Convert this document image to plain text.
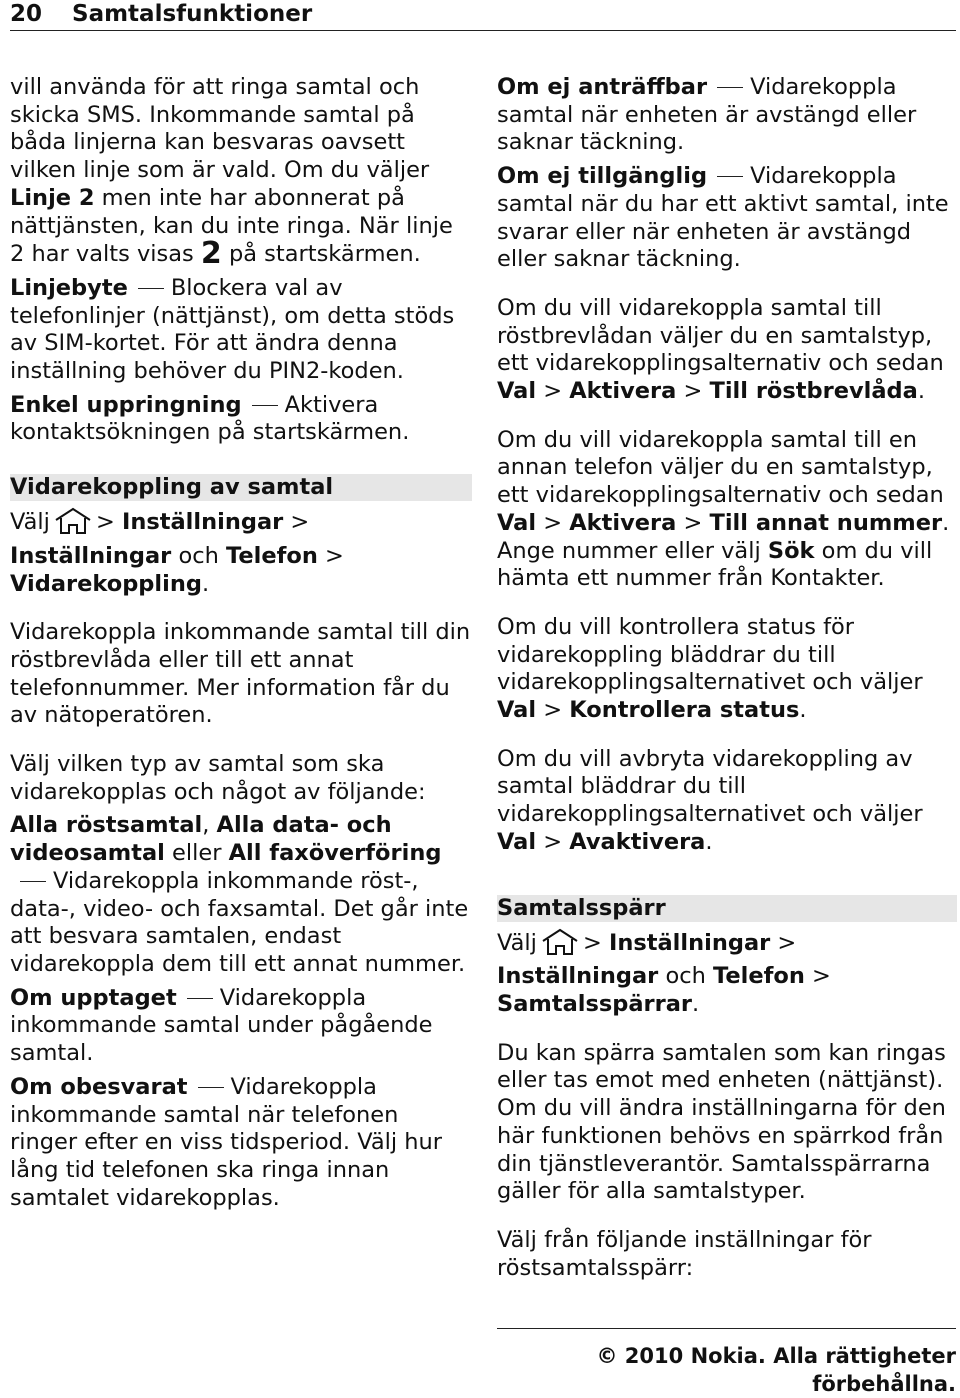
20 Samtalsfunktioner

vill använda för att ringa samtal och skicka SMS. Inkommande samtal på båda linjerna kan besvaras oavsett vilken linje som är vald. Om du väljer Linje 2 men inte har abonnerat på nättjänsten, kan du inte ringa. När linje 2 har valts visas 2 på startskärmen.

Linjebyte Blockera val av telefonlinjer (nättjänst), om detta stöds av SIM-kortet. För att ändra denna inställning behöver du PIN2-koden.

Enkel uppringning Aktivera kontaktsökningen på startskärmen.

Vidarekoppling av samtal

Välj > Inställningar >
Inställningar och Telefon >
Vidarekoppling.

Vidarekoppla inkommande samtal till din röstbrevlåda eller till ett annat telefonnummer. Mer information får du av nätoperatören.

Välj vilken typ av samtal som ska vidarekopplas och något av följande:

Alla röstsamtal, Alla data- och videosamtal eller All faxöverföringVidarekoppla inkommande röst-, data-, video- och faxsamtal. Det går inte att besvara samtalen, endast vidarekoppla dem till ett annat nummer.

Om upptaget Vidarekoppla inkommande samtal under pågående samtal.

Om obesvarat Vidarekoppla inkommande samtal när telefonen ringer efter en viss tidsperiod. Välj hur lång tid telefonen ska ringa innan samtalet vidarekopplas.

Om ej anträffbar Vidarekoppla samtal när enheten är avstängd eller saknar täckning.

Om ej tillgänglig Vidarekoppla samtal när du har ett aktivt samtal, inte svarar eller när enheten är avstängd eller saknar täckning.

Om du vill vidarekoppla samtal till röstbrevlådan väljer du en samtalstyp, ett vidarekopplingsalternativ och sedan Val > Aktivera > Till röstbrevlåda.

Om du vill vidarekoppla samtal till en annan telefon väljer du en samtalstyp, ett vidarekopplingsalternativ och sedan Val > Aktivera > Till annat nummer. Ange nummer eller välj Sök om du vill hämta ett nummer från Kontakter.

Om du vill kontrollera status för vidarekoppling bläddrar du till vidarekopplingsalternativet och väljer Val > Kontrollera status.

Om du vill avbryta vidarekoppling av samtal bläddrar du till vidarekopplingsalternativet och väljer Val > Avaktivera.

Samtalsspärr

Välj > Inställningar >
Inställningar och Telefon >
Samtalsspärrar.

Du kan spärra samtalen som kan ringas eller tas emot med enheten (nättjänst). Om du vill ändra inställningarna för den här funktionen behövs en spärrkod från din tjänstleverantör. Samtalsspärrarna gäller för alla samtalstyper.

Välj från följande inställningar för röstsamtalsspärr:

© 2010 Nokia. Alla rättigheter förbehållna.
